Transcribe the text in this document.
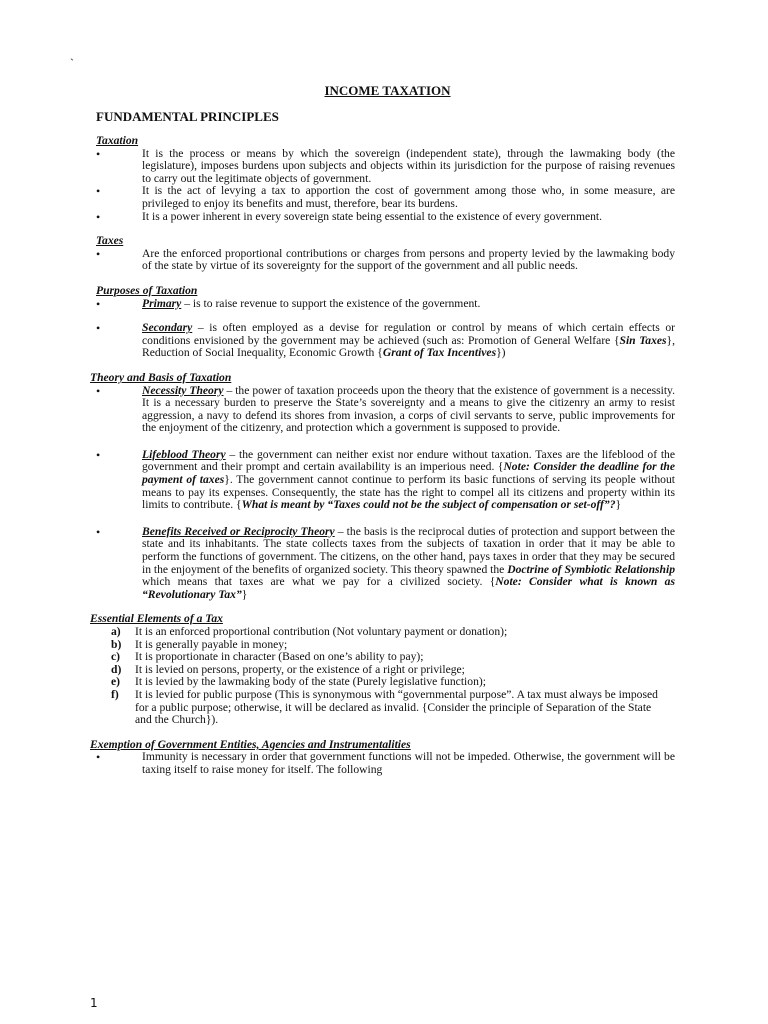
`
INCOME TAXATION
FUNDAMENTAL PRINCIPLES
Taxation
•	It is the process or means by which the sovereign (independent state), through the lawmaking body (the legislature), imposes burdens upon subjects and objects within its jurisdiction for the purpose of raising revenues to carry out the legitimate objects of government.
•	It is the act of levying a tax to apportion the cost of government among those who, in some measure, are privileged to enjoy its benefits and must, therefore, bear its burdens.
•	It is a power inherent in every sovereign state being essential to the existence of every government.
Taxes
•	Are the enforced proportional contributions or charges from persons and property levied by the lawmaking body of the state by virtue of its sovereignty for the support of the government and all public needs.
Purposes of Taxation
•	Primary – is to raise revenue to support the existence of the government.
•	Secondary – is often employed as a devise for regulation or control by means of which certain effects or conditions envisioned by the government may be achieved (such as: Promotion of General Welfare {Sin Taxes}, Reduction of Social Inequality, Economic Growth {Grant of Tax Incentives})
Theory and Basis of Taxation
•	Necessity Theory – the power of taxation proceeds upon the theory that the existence of government is a necessity. It is a necessary burden to preserve the State’s sovereignty and a means to give the citizenry an army to resist aggression, a navy to defend its shores from invasion, a corps of civil servants to serve, public improvements for the enjoyment of the citizenry, and protection which a government is supposed to provide.
•	Lifeblood Theory – the government can neither exist nor endure without taxation. Taxes are the lifeblood of the government and their prompt and certain availability is an imperious need. {Note: Consider the deadline for the payment of taxes}. The government cannot continue to perform its basic functions of serving its people without means to pay its expenses. Consequently, the state has the right to compel all its citizens and property within its limits to contribute. {What is meant by “Taxes could not be the subject of compensation or set-off”?}
•	Benefits Received or Reciprocity Theory – the basis is the reciprocal duties of protection and support between the state and its inhabitants. The state collects taxes from the subjects of taxation in order that it may be able to perform the functions of government. The citizens, on the other hand, pays taxes in order that they may be secured in the enjoyment of the benefits of organized society. This theory spawned the Doctrine of Symbiotic Relationship which means that taxes are what we pay for a civilized society. {Note: Consider what is known as “Revolutionary Tax”}
Essential Elements of a Tax
a) It is an enforced proportional contribution (Not voluntary payment or donation);
b) It is generally payable in money;
c) It is proportionate in character (Based on one’s ability to pay);
d) It is levied on persons, property, or the existence of a right or privilege;
e) It is levied by the lawmaking body of the state (Purely legislative function);
f) It is levied for public purpose (This is synonymous with “governmental purpose”. A tax must always be imposed for a public purpose; otherwise, it will be declared as invalid. {Consider the principle of Separation of the State and the Church}).
Exemption of Government Entities, Agencies and Instrumentalities
•	Immunity is necessary in order that government functions will not be impeded. Otherwise, the government will be taxing itself to raise money for itself. The following
1
